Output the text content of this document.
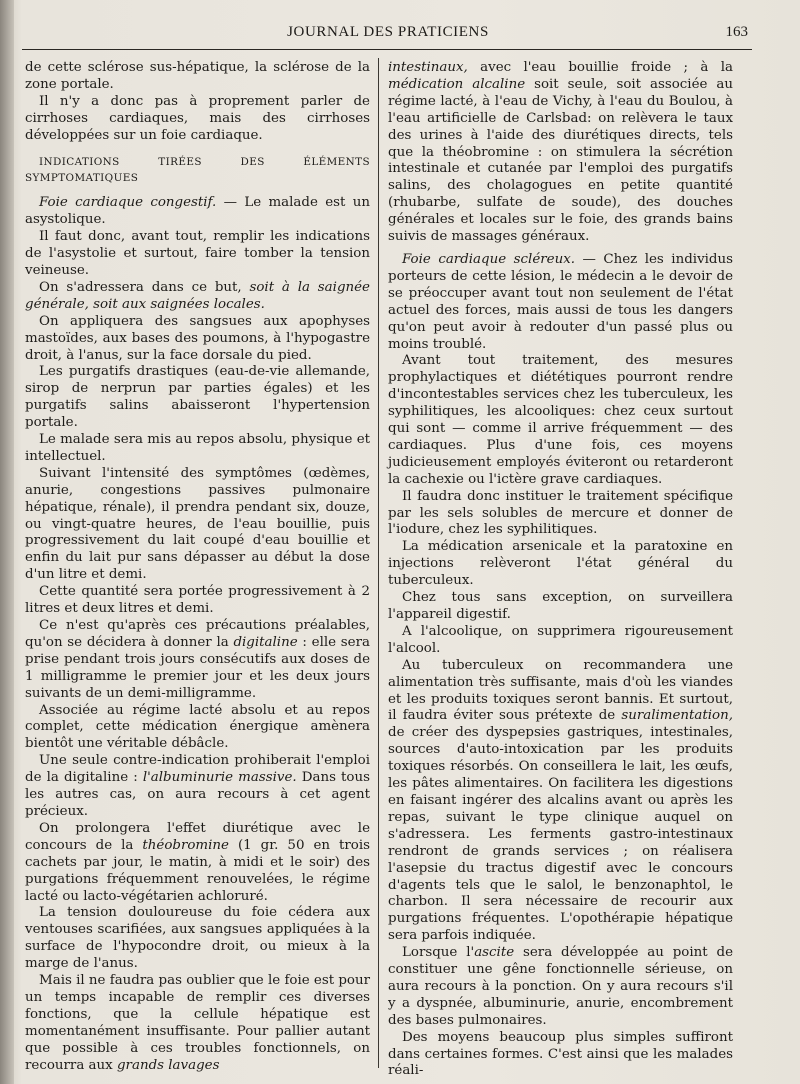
JOURNAL DES PRATICIENS	163

de cette sclérose sus-hépatique, la sclérose de la zone portale.

Il n'y a donc pas à proprement parler de cirrhoses cardiaques, mais des cirrhoses développées sur un foie cardiaque.

INDICATIONS TIRÉES DES ÉLÉMENTS SYMPTOMATIQUES

Foie cardiaque congestif. — Le malade est un asystolique.

Il faut donc, avant tout, remplir les indications de l'asystolie et surtout, faire tomber la tension veineuse.

On s'adressera dans ce but, soit à la saignée générale, soit aux saignées locales.

On appliquera des sangsues aux apophyses mastoïdes, aux bases des poumons, à l'hypogastre droit, à l'anus, sur la face dorsale du pied.

Les purgatifs drastiques (eau-de-vie allemande, sirop de nerprun par parties égales) et les purgatifs salins abaisseront l'hypertension portale.

Le malade sera mis au repos absolu, physique et intellectuel.

Suivant l'intensité des symptômes (œdèmes, anurie, congestions passives pulmonaire hépatique, rénale), il prendra pendant six, douze, ou vingt-quatre heures, de l'eau bouillie, puis progressivement du lait coupé d'eau bouillie et enfin du lait pur sans dépasser au début la dose d'un litre et demi.

Cette quantité sera portée progressivement à 2 litres et deux litres et demi.

Ce n'est qu'après ces précautions préalables, qu'on se décidera à donner la digitaline : elle sera prise pendant trois jours consécutifs aux doses de 1 milligramme le premier jour et les deux jours suivants de un demi-milligramme.

Associée au régime lacté absolu et au repos complet, cette médication énergique amènera bientôt une véritable débâcle.

Une seule contre-indication prohiberait l'emploi de la digitaline : l'albuminurie massive. Dans tous les autres cas, on aura recours à cet agent précieux.

On prolongera l'effet diurétique avec le concours de la théobromine (1 gr. 50 en trois cachets par jour, le matin, à midi et le soir) des purgations fréquemment renouvelées, le régime lacté ou lacto-végétarien achloruré.

La tension douloureuse du foie cédera aux ventouses scarifiées, aux sangsues appliquées à la surface de l'hypocondre droit, ou mieux à la marge de l'anus.

Mais il ne faudra pas oublier que le foie est pour un temps incapable de remplir ces diverses fonctions, que la cellule hépatique est momentanément insuffisante. Pour pallier autant que possible à ces troubles fonctionnels, on recourra aux grands lavages

intestinaux, avec l'eau bouillie froide ; à la médication alcaline soit seule, soit associée au régime lacté, à l'eau de Vichy, à l'eau du Boulou, à l'eau artificielle de Carlsbad: on relèvera le taux des urines à l'aide des diurétiques directs, tels que la théobromine : on stimulera la sécrétion intestinale et cutanée par l'emploi des purgatifs salins, des cholagogues en petite quantité (rhubarbe, sulfate de soude), des douches générales et locales sur le foie, des grands bains suivis de massages généraux.

Foie cardiaque scléreux. — Chez les individus porteurs de cette lésion, le médecin a le devoir de se préoccuper avant tout non seulement de l'état actuel des forces, mais aussi de tous les dangers qu'on peut avoir à redouter d'un passé plus ou moins troublé.

Avant tout traitement, des mesures prophylactiques et diététiques pourront rendre d'incontestables services chez les tuberculeux, les syphilitiques, les alcooliques: chez ceux surtout qui sont — comme il arrive fréquemment — des cardiaques. Plus d'une fois, ces moyens judicieusement employés éviteront ou retarderont la cachexie ou l'ictère grave cardiaques.

Il faudra donc instituer le traitement spécifique par les sels solubles de mercure et donner de l'iodure, chez les syphilitiques.

La médication arsenicale et la paratoxine en injections relèveront l'état général du tuberculeux.

Chez tous sans exception, on surveillera l'appareil digestif.

A l'alcoolique, on supprimera rigoureusement l'alcool.

Au tuberculeux on recommandera une alimentation très suffisante, mais d'où les viandes et les produits toxiques seront bannis. Et surtout, il faudra éviter sous prétexte de suralimentation, de créer des dyspepsies gastriques, intestinales, sources d'auto-intoxication par les produits toxiques résorbés. On conseillera le lait, les œufs, les pâtes alimentaires. On facilitera les digestions en faisant ingérer des alcalins avant ou après les repas, suivant le type clinique auquel on s'adressera. Les ferments gastro-intestinaux rendront de grands services ; on réalisera l'asepsie du tractus digestif avec le concours d'agents tels que le salol, le benzonaphtol, le charbon. Il sera nécessaire de recourir aux purgations fréquentes. L'opothérapie hépatique sera parfois indiquée.

Lorsque l'ascite sera développée au point de constituer une gêne fonctionnelle sérieuse, on aura recours à la ponction. On y aura recours s'il y a dyspnée, albuminurie, anurie, encombrement des bases pulmonaires.

Des moyens beaucoup plus simples suffiront dans certaines formes. C'est ainsi que les malades réali-
